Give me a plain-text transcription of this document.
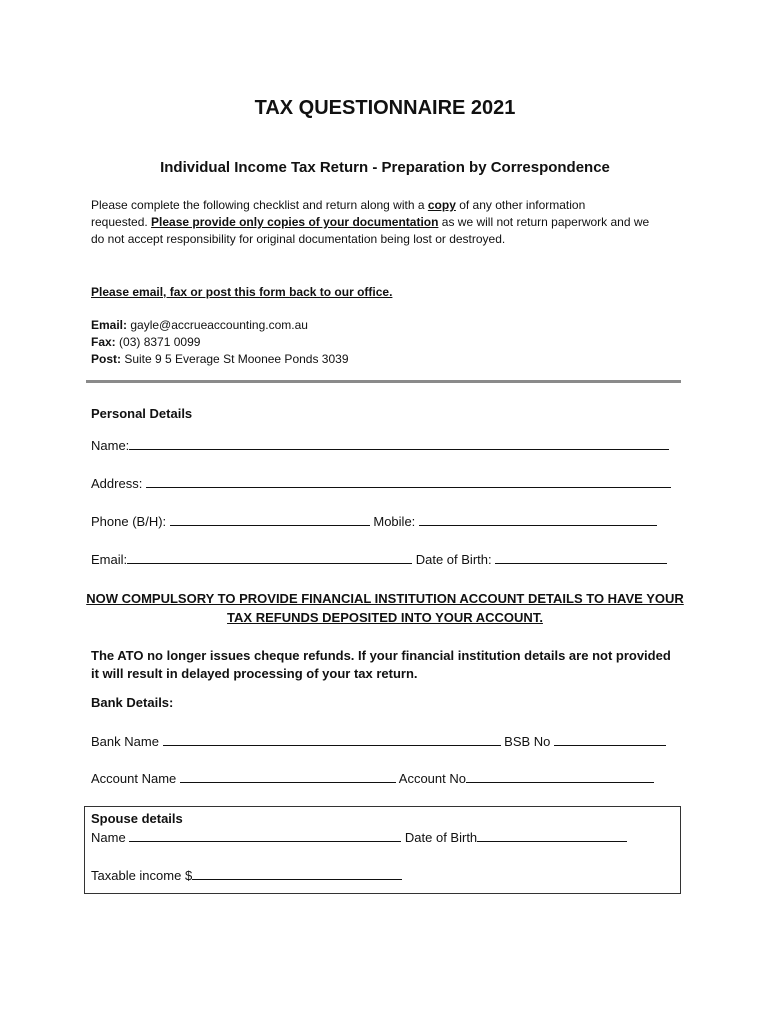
TAX QUESTIONNAIRE 2021
Individual Income Tax Return - Preparation by Correspondence
Please complete the following checklist and return along with a copy of any other information
requested. Please provide only copies of your documentation as we will not return paperwork and we
do not accept responsibility for original documentation being lost or destroyed.
Please email, fax or post this form back to our office.
Email: gayle@accrueaccounting.com.au
Fax: (03) 8371 0099
Post: Suite 9 5 Everage St Moonee Ponds 3039
Personal Details
Name:
Address:
Phone (B/H):	Mobile:
Email:	Date of Birth:
NOW COMPULSORY TO PROVIDE FINANCIAL INSTITUTION ACCOUNT DETAILS TO HAVE YOUR
TAX REFUNDS DEPOSITED INTO YOUR ACCOUNT.
The ATO no longer issues cheque refunds. If your financial institution details are not provided
it will result in delayed processing of your tax return.
Bank Details:
Bank Name	BSB No
Account Name	Account No
Spouse details
Name	Date of Birth
Taxable income $
